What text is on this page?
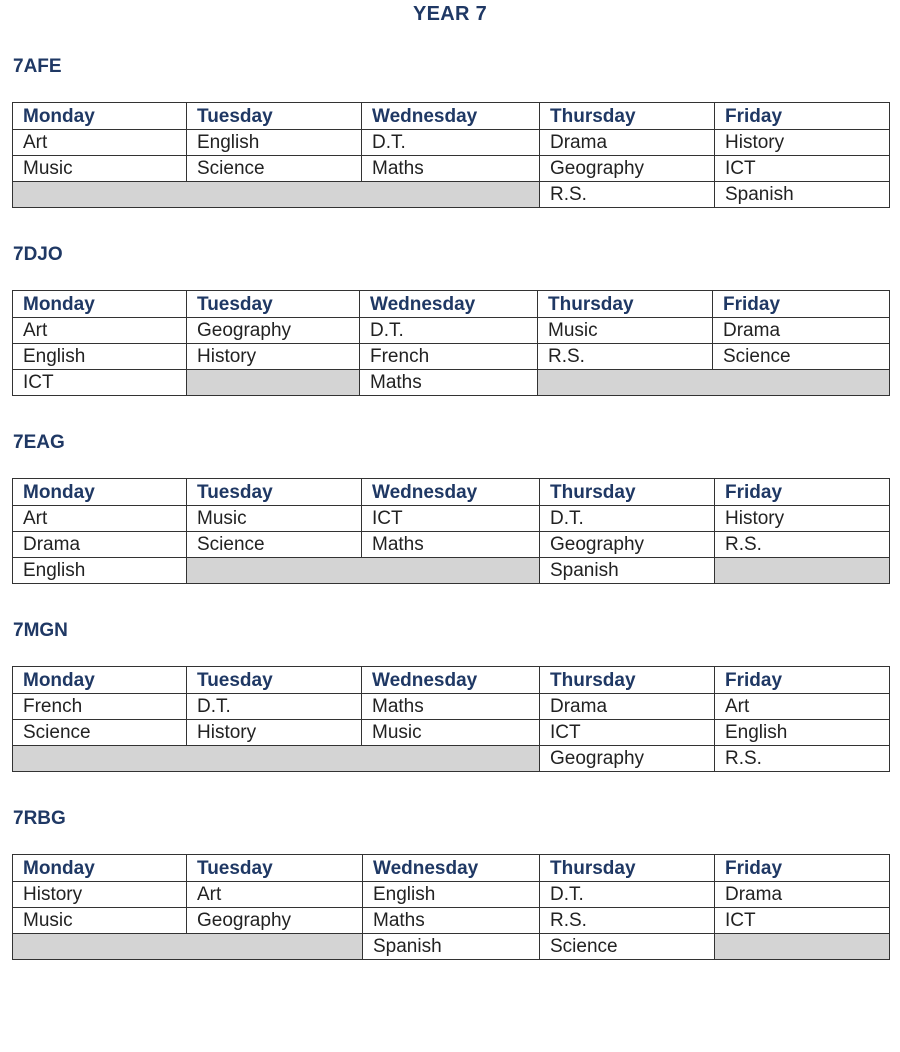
YEAR 7
7AFE
Monday	Tuesday	Wednesday	Thursday	Friday
Art	English	D.T.	Drama	History
Music	Science	Maths	Geography	ICT
			R.S.	Spanish
7DJO
Monday	Tuesday	Wednesday	Thursday	Friday
Art	Geography	D.T.	Music	Drama
English	History	French	R.S.	Science
ICT		Maths		
7EAG
Monday	Tuesday	Wednesday	Thursday	Friday
Art	Music	ICT	D.T.	History
Drama	Science	Maths	Geography	R.S.
English			Spanish	
7MGN
Monday	Tuesday	Wednesday	Thursday	Friday
French	D.T.	Maths	Drama	Art
Science	History	Music	ICT	English
			Geography	R.S.
7RBG
Monday	Tuesday	Wednesday	Thursday	Friday
History	Art	English	D.T.	Drama
Music	Geography	Maths	R.S.	ICT
		Spanish	Science	
